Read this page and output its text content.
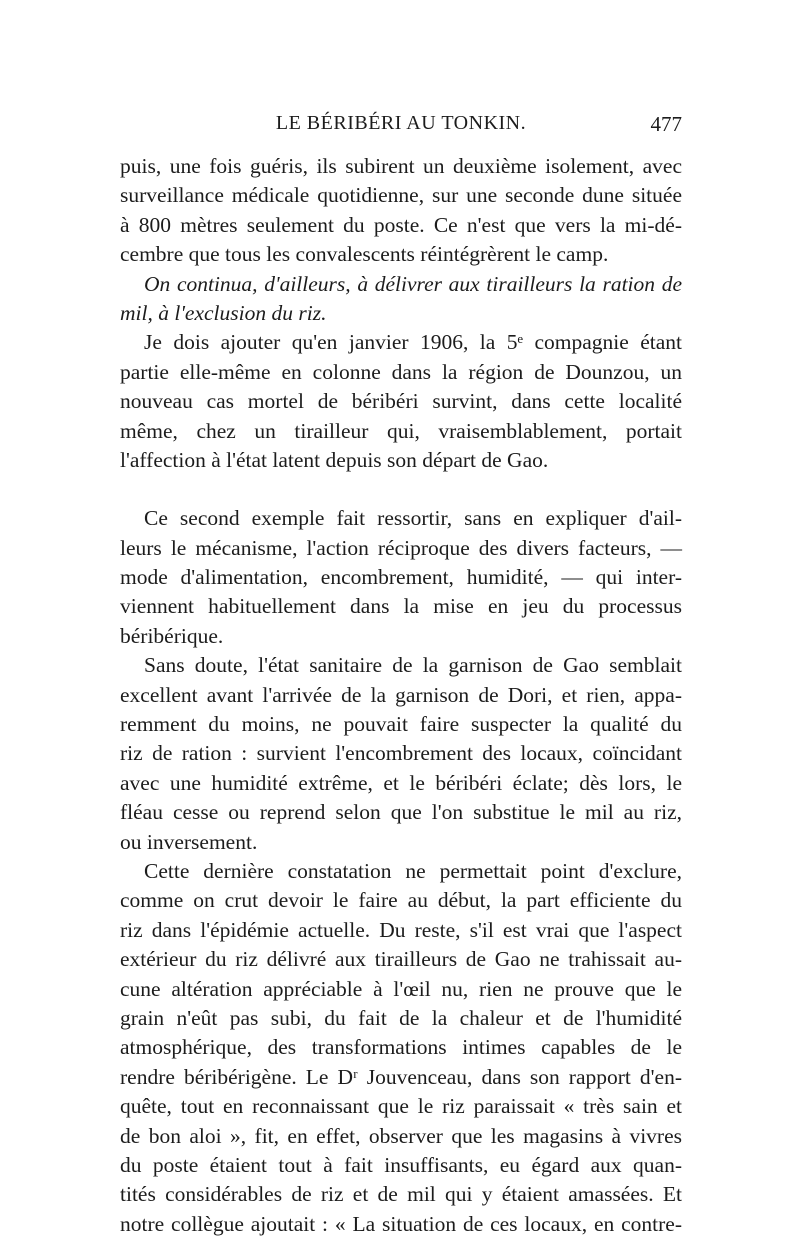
LE BÉRIBÉRI AU TONKIN.	477
puis, une fois guéris, ils subirent un deuxième isolement, avec
surveillance médicale quotidienne, sur une seconde dune située
à 800 mètres seulement du poste. Ce n'est que vers la mi-dé-
cembre que tous les convalescents réintégrèrent le camp.
On continua, d'ailleurs, à délivrer aux tirailleurs la ration de
mil, à l'exclusion du riz.
Je dois ajouter qu'en janvier 1906, la 5ᵉ compagnie étant
partie elle-même en colonne dans la région de Dounzou, un
nouveau cas mortel de béribéri survint, dans cette localité
même, chez un tirailleur qui, vraisemblablement, portait
l'affection à l'état latent depuis son départ de Gao.
Ce second exemple fait ressortir, sans en expliquer d'ail-
leurs le mécanisme, l'action réciproque des divers facteurs, —
mode d'alimentation, encombrement, humidité, — qui inter-
viennent habituellement dans la mise en jeu du processus
béribérique.
Sans doute, l'état sanitaire de la garnison de Gao semblait
excellent avant l'arrivée de la garnison de Dori, et rien, appa-
remment du moins, ne pouvait faire suspecter la qualité du
riz de ration : survient l'encombrement des locaux, coïncidant
avec une humidité extrême, et le béribéri éclate; dès lors, le
fléau cesse ou reprend selon que l'on substitue le mil au riz,
ou inversement.
Cette dernière constatation ne permettait point d'exclure,
comme on crut devoir le faire au début, la part efficiente du
riz dans l'épidémie actuelle. Du reste, s'il est vrai que l'aspect
extérieur du riz délivré aux tirailleurs de Gao ne trahissait au-
cune altération appréciable à l'œil nu, rien ne prouve que le
grain n'eût pas subi, du fait de la chaleur et de l'humidité
atmosphérique, des transformations intimes capables de le
rendre béribérigène. Le Dʳ Jouvenceau, dans son rapport d'en-
quête, tout en reconnaissant que le riz paraissait « très sain et
de bon aloi », fit, en effet, observer que les magasins à vivres
du poste étaient tout à fait insuffisants, eu égard aux quan-
tités considérables de riz et de mil qui y étaient amassées. Et
notre collègue ajoutait : « La situation de ces locaux, en contre-
